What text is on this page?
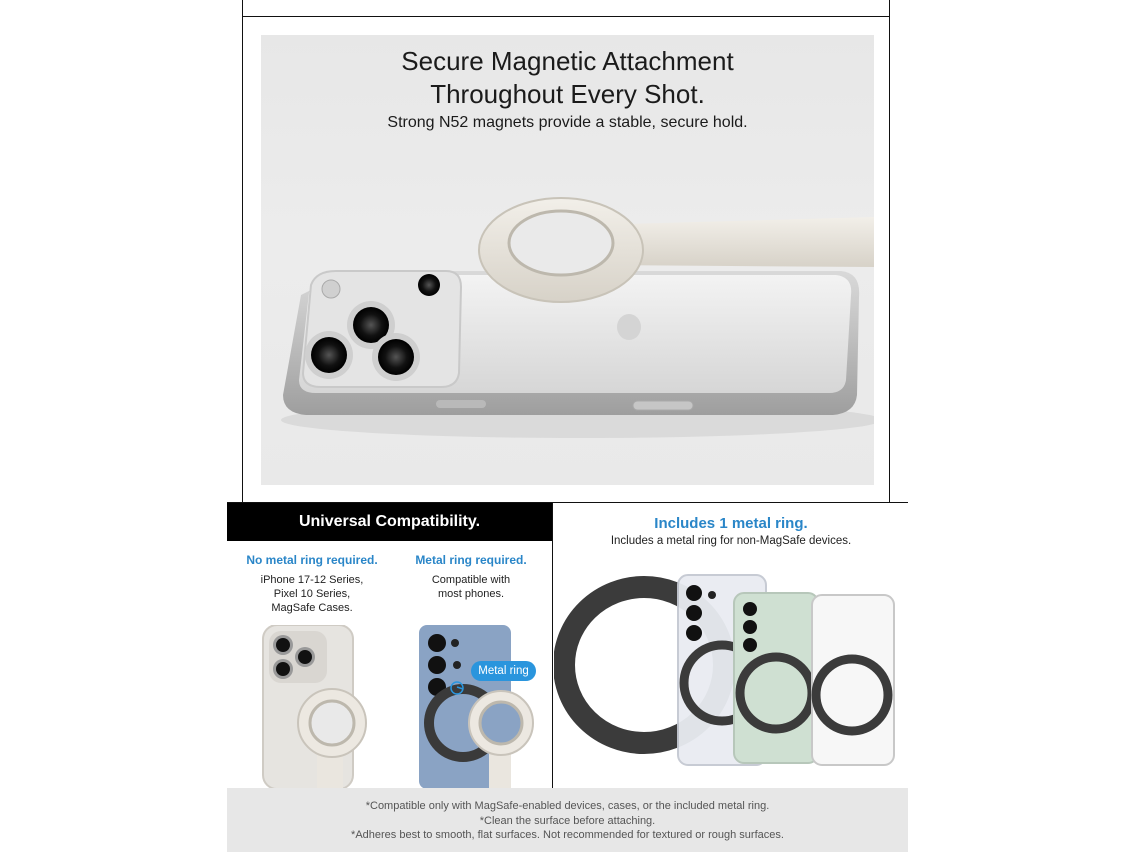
Secure Magnetic Attachment
Throughout Every Shot.
Strong N52 magnets provide a stable, secure hold.
Universal Compatibility.
No metal ring required.
iPhone 17-12 Series,
Pixel 10 Series,
MagSafe Cases.
Metal ring required.
Compatible with
most phones.
Includes 1 metal ring.
Includes a metal ring for non-MagSafe devices.
Metal ring
*Compatible only with MagSafe-enabled devices, cases, or the included metal ring.
*Clean the surface before attaching.
*Adheres best to smooth, flat surfaces. Not recommended for textured or rough surfaces.
